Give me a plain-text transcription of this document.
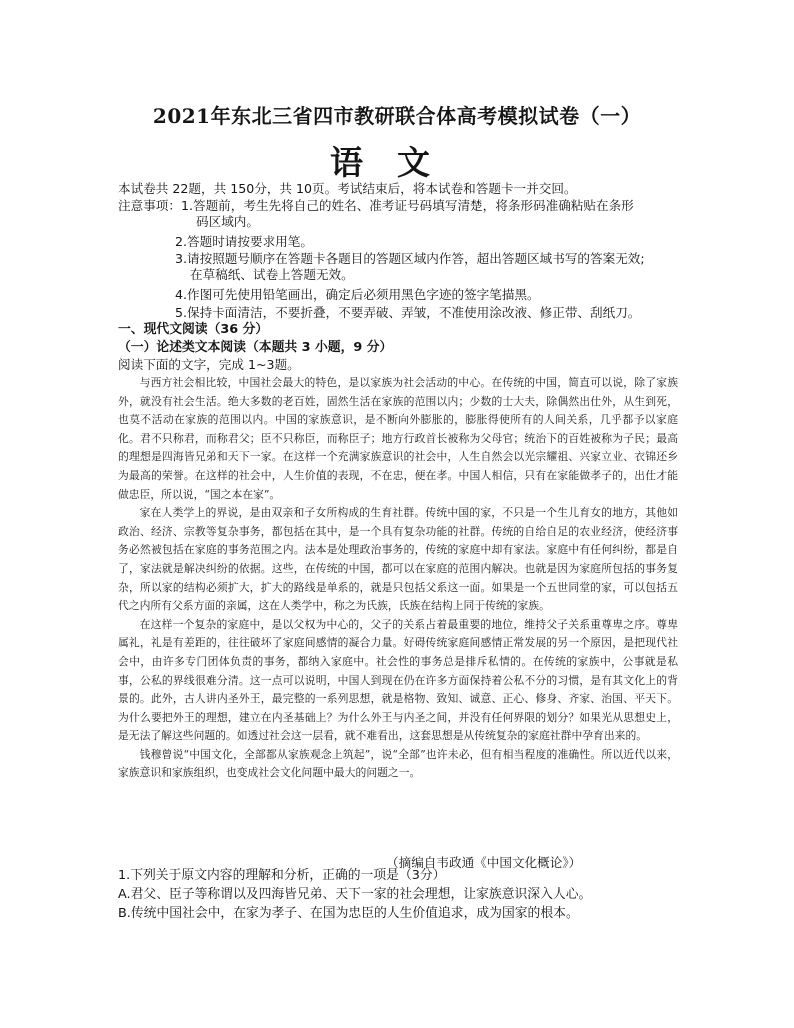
2021年东北三省四市教研联合体高考模拟试卷（一）
语文
本试卷共 22题，共 150分，共 10页。考试结束后，将本试卷和答题卡一并交回。
注意事项：1.答题前，考生先将自己的姓名、准考证号码填写清楚，将条形码准确粘贴在条形
码区域内。
2.答题时请按要求用笔。
3.请按照题号顺序在答题卡各题目的答题区域内作答，超出答题区域书写的答案无效;
在草稿纸、试卷上答题无效。
4.作图可先使用铅笔画出，确定后必须用黑色字迹的签字笔描黑。
5.保持卡面清洁，不要折叠，不要弄破、弄皱，不准使用涂改液、修正带、刮纸刀。
一、现代文阅读（36 分）
（一）论述类文本阅读（本题共 3 小题，9 分）
阅读下面的文字，完成 1~3题。

与西方社会相比较，中国社会最大的特色，是以家族为社会活动的中心。在传统的中国，简直可以说，除了家族外，就没有社会生活。绝大多数的老百姓，固然生活在家族的范围以内；少数的士大夫，除偶然出仕外，从生到死，也莫不活动在家族的范围以内。中国的家族意识，是不断向外膨胀的，膨胀得使所有的人间关系，几乎都予以家庭化。君不只称君，而称君父；臣不只称臣，而称臣子；地方行政首长被称为父母官；统治下的百姓被称为子民；最高的理想是四海皆兄弟和天下一家。在这样一个充满家族意识的社会中，人生自然会以光宗耀祖、兴家立业、衣锦还乡为最高的荣誉。在这样的社会中，人生价值的表现，不在忠，便在孝。中国人相信，只有在家能做孝子的，出仕才能做忠臣，所以说，“国之本在家”。

家在人类学上的界说，是由双亲和子女所构成的生育社群。传统中国的家，不只是一个生儿育女的地方，其他如政治、经济、宗教等复杂事务，都包括在其中，是一个具有复杂功能的社群。传统的自给自足的农业经济，使经济事务必然被包括在家庭的事务范围之内。法本是处理政治事务的，传统的家庭中却有家法。家庭中有任何纠纷，都是自了，家法就是解决纠纷的依据。这些，在传统的中国，都可以在家庭的范围内解决。也就是因为家庭所包括的事务复杂，所以家的结构必须扩大，扩大的路线是单系的，就是只包括父系这一面。如果是一个五世同堂的家，可以包括五代之内所有父系方面的亲属，这在人类学中，称之为氏族，氏族在结构上同于传统的家族。

在这样一个复杂的家庭中，是以父权为中心的，父子的关系占着最重要的地位，维持父子关系重尊卑之序。尊卑属礼，礼是有差距的，往往破坏了家庭间感情的凝合力量。好碍传统家庭间感情正常发展的另一个原因，是把现代社会中，由许多专门团体负责的事务，都纳入家庭中。社会性的事务总是排斥私情的。在传统的家族中，公事就是私事，公私的界线很难分清。这一点可以说明，中国人到现在仍在许多方面保持着公私不分的习惯，是有其文化上的背景的。此外，古人讲内圣外王，最完整的一系列思想，就是格物、致知、诚意、正心、修身、齐家、治国、平天下。为什么要把外王的理想，建立在内圣基础上？为什么外王与内圣之间，并没有任何界限的划分？如果光从思想史上，是无法了解这些问题的。如透过社会这一层看，就不难看出，这套思想是从传统复杂的家庭社群中孕育出来的。

钱穆曾说“中国文化，全部都从家族观念上筑起”，说“全部”也许未必，但有相当程度的准确性。所以近代以来，家族意识和家族组织，也变成社会文化问题中最大的问题之一。

（摘编自韦政通《中国文化概论》）
1.下列关于原文内容的理解和分析，正确的一项是（3分）
A.君父、臣子等称谓以及四海皆兄弟、天下一家的社会理想，让家族意识深入人心。
B.传统中国社会中，在家为孝子、在国为忠臣的人生价值追求，成为国家的根本。
